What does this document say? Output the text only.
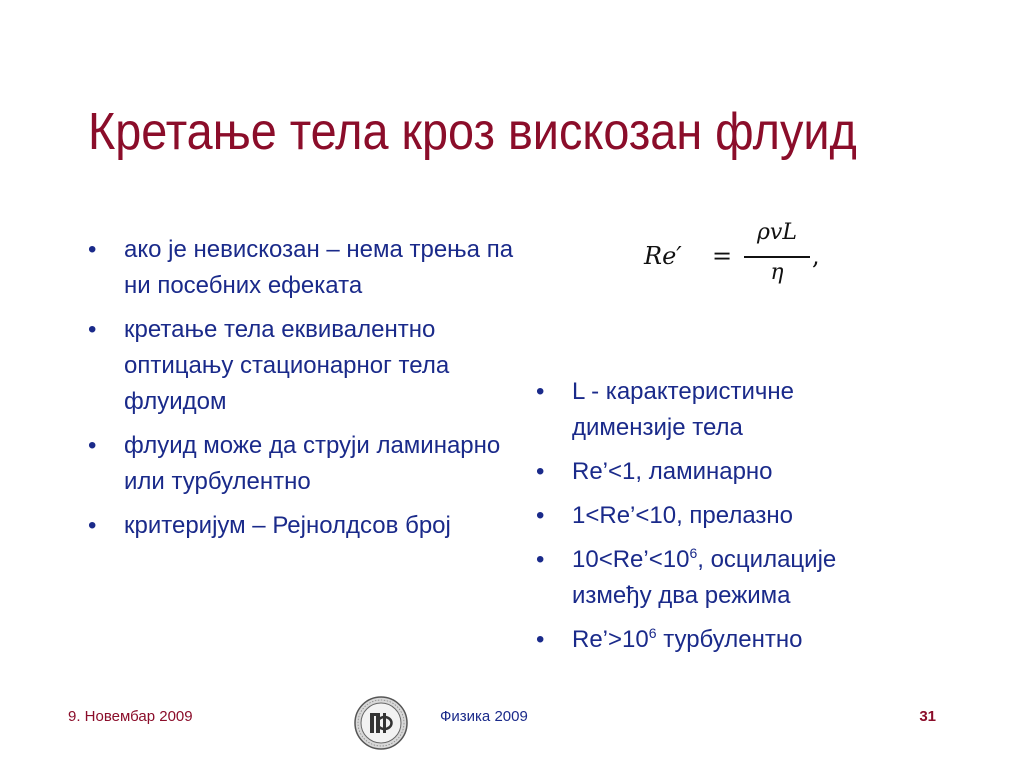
Кретање тела кроз вискозан флуид
• ако је невискозан – нема трења па ни посебних ефеката
• кретање тела еквивалентно оптицању стационарног тела флуидом
• флуид може да струји ламинарно или турбулентно
• критеријум – Рејнолдсов број
Re′ =
ρvL
η
,
• L - карактеристичне димензије тела
• Re’<1, ламинарно
• 1<Re’<10, прелазно
• $10<Re’<10^6$, осцилације између два режима
• $Re’>10^6$ турбулентно
9. Новембар 2009	Физика 2009	31
